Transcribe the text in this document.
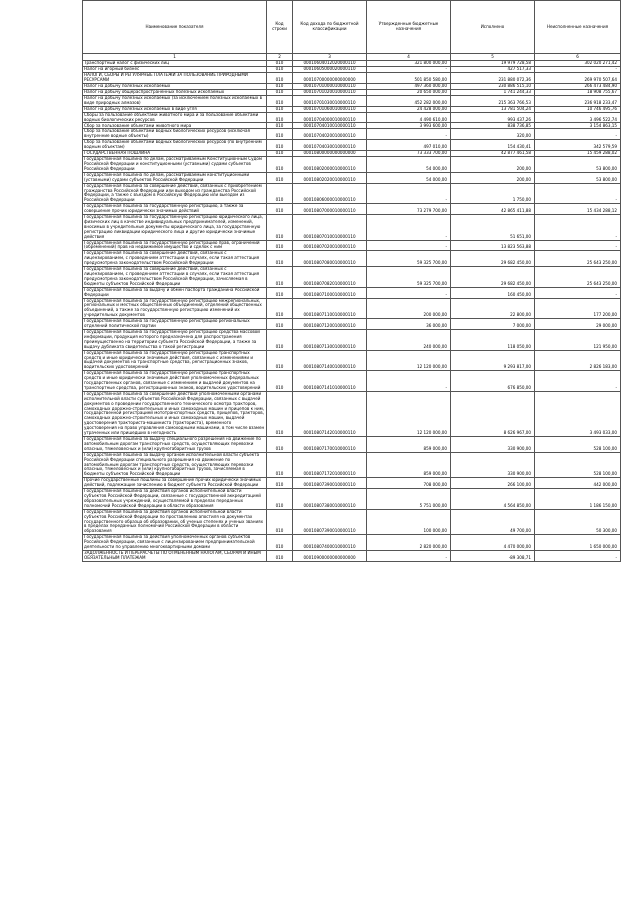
Наименование показателя	Код строки	Код дохода по бюджетной классификации	Утвержденные бюджетные назначения	Исполнено	Неисполненные назначения
1	2	3	4	5	6
Транспортный налог с физических лиц	010	00010604012020000110	321 800 000,00	19 979 728,58	302 020 271,42
Налог на игорный бизнес	010	00010605000020000110	-	427 517,33	-
НАЛОГИ, СБОРЫ И РЕГУЛЯРНЫЕ ПЛАТЕЖИ ЗА ПОЛЬЗОВАНИЕ ПРИРОДНЫМИ РЕСУРСАМИ	010	00010700000000000000	501 850 580,00	231 880 072,36	269 970 507,64
Налог на добычу полезных ископаемых	010	00010701000010000110	497 360 000,00	230 886 515,10	266 473 484,90
Налог на добычу общераспространенных полезных ископаемых	010	00010701020010000110	20 650 000,00	1 741 244,33	18 908 755,67
Налог на добычу полезных ископаемых (за исключением полезных ископаемых в виде природных алмазов)	010	00010701030010000110	452 282 000,00	215 363 766,53	236 918 233,47
Налог на добычу полезных ископаемых в виде угля	010	00010701060010000110	24 428 000,00	13 781 504,24	10 746 495,76
Сборы за пользование объектами животного мира и за пользование объектами водных биологических ресурсов	010	00010704000010000110	4 490 610,00	993 437,26	3 496 522,74
Сбор за пользование объектами животного мира	010	00010704010010000110	3 993 600,00	838 736,85	3 154 863,15
Сбор за пользование объектами водных биологических ресурсов (исключая внутренние водные объекты)	010	00010704020010000110	-	320,00	-
Сбор за пользование объектами водных биологических ресурсов (по внутренним водным объектам)	010	00010704030010000110	497 010,00	154 430,41	342 579,59
ГОСУДАРСТВЕННАЯ ПОШЛИНА	010	00010800000000000000	73 333 700,00	42 877 461,58	15 459 288,02
Государственная пошлина по делам, рассматриваемым Конституционным Судом Российской Федерации и конституционными (уставными) судами субъектов Российской Федерации	010	00010802000010000110	54 000,00	200,00	53 800,00
Государственная пошлина по делам, рассматриваемым конституционными (уставными) судами субъектов Российской Федерации	010	00010802020010000110	54 000,00	200,00	53 800,00
Государственная пошлина за совершение действий, связанных с приобретением гражданства Российской Федерации или выходом из гражданства Российской Федерации, а также с въездом в Российскую Федерацию или выездом из Российской Федерации	010	00010806000010000110	-	1 750,00	-
Государственная пошлина за государственную регистрацию, а также за совершение прочих юридически значимых действий	010	00010807000010000110	73 279 700,00	42 865 411,88	15 434 288,12
Государственная пошлина за государственную регистрацию юридического лица, физических лиц в качестве индивидуальных предпринимателей, изменений, вносимых в учредительные документы юридического лица, за государственную регистрацию ликвидации юридического лица и другие юридически значимые действия	010	00010807010010000110	-	51 651,00	-
Государственная пошлина за государственную регистрацию прав, ограничений (обременений) прав на недвижимое имущество и сделок с ним	010	00010807020010000110	-	13 823 563,88	-
Государственная пошлина за совершение действий, связанных с лицензированием, с проведением аттестации в случаях, если такая аттестация предусмотрена законодательством Российской Федерации	010	00010807080010000110	59 325 700,00	29 682 450,00	25 643 250,00
Государственная пошлина за совершение действий, связанных с лицензированием, с проведением аттестации в случаях, если такая аттестация предусмотрена законодательством Российской Федерации, зачисляемая в бюджеты субъектов Российской Федерации	010	00010807082010000110	59 325 700,00	29 682 450,00	25 643 250,00
Государственная пошлина за выдачу и обмен паспорта гражданина Российской Федерации	010	00010807100010000110	-	160 450,00	-
Государственная пошлина за государственную регистрацию межрегиональных, региональных и местных общественных объединений, отделений общественных объединений, а также за государственную регистрацию изменений их учредительных документов	010	00010807110010000110	200 000,00	22 800,00	177 200,00
Государственная пошлина за государственную регистрацию региональных отделений политической партии	010	00010807120010000110	36 000,00	7 000,00	29 000,00
Государственная пошлина за государственную регистрацию средства массовой информации, продукция которого предназначена для распространения преимущественно на территории субъекта Российской Федерации, а также за выдачу дубликата свидетельства о такой регистрации	010	00010807130010000110	240 000,00	118 050,00	121 950,00
Государственная пошлина за государственную регистрацию транспортных средств и иные юридически значимые действия, связанные с изменениями и выдачей документов на транспортные средства, регистрационных знаков, водительских удостоверений	010	00010807140010000110	12 120 000,00	9 293 817,00	2 826 183,00
Государственная пошлина за государственную регистрацию транспортных средств и иные юридически значимые действия уполномоченных федеральных государственных органов, связанные с изменением и выдачей документов на транспортные средства, регистрационных знаков, водительских удостоверений	010	00010807141010000110	-	676 850,00	-
Государственная пошлина за совершение действий уполномоченными органами исполнительной власти субъектов Российской Федерации, связанных с выдачей документов о проведении государственного технического осмотра тракторов, самоходных дорожно-строительных и иных самоходных машин и прицепов к ним, государственной регистрацией мототранспортных средств, прицепов, тракторов, самоходных дорожно-строительных и иных самоходных машин, выдачей удостоверения тракториста-машиниста (тракториста), временного удостоверения на право управления самоходными машинами, в том числе взамен утраченных или пришедших в негодность	010	00010807142010000110	12 120 000,00	8 626 967,00	3 493 033,00
Государственная пошлина за выдачу специального разрешения на движение по автомобильным дорогам транспортных средств, осуществляющих перевозки опасных, тяжеловесных и (или) крупногабаритных грузов	010	00010807170010000110	859 000,00	330 900,00	528 100,00
Государственная пошлина за выдачу органом исполнительной власти субъекта Российской Федерации специального разрешения на движение по автомобильным дорогам транспортных средств, осуществляющих перевозки опасных, тяжеловесных и (или) крупногабаритных грузов, зачисляемая в бюджеты субъектов Российской Федерации	010	00010807172010000110	859 000,00	330 900,00	528 100,00
Прочие государственные пошлины за совершение прочих юридически значимых действий, подлежащие зачислению в бюджет субъекта Российской Федерации	010	00010807390010000110	708 000,00	266 100,00	442 000,00
Государственная пошлина за действия органов исполнительной власти субъектов Российской Федерации, связанные с государственной аккредитацией образовательных учреждений, осуществляемой в пределах переданных полномочий Российской Федерации в области образования	010	00010807380010000110	5 751 000,00	4 564 850,00	1 186 150,00
Государственная пошлина за действия органов исполнительной власти субъектов Российской Федерации по проставлению апостиля на документах государственного образца об образовании, об ученых степенях и ученых званиях в пределах переданных полномочий Российской Федерации в области образования	010	00010807390010000110	100 000,00	49 700,00	50 300,00
Государственная пошлина за действия уполномоченных органов субъектов Российской Федерации, связанные с лицензированием предпринимательской деятельности по управлению многоквартирными домами	010	00010807400010000110	2 820 000,00	4 470 000,00	1 650 000,00
ЗАДОЛЖЕННОСТЬ И ПЕРЕРАСЧЕТЫ ПО ОТМЕНЕННЫМ НАЛОГАМ, СБОРАМ И ИНЫМ ОБЯЗАТЕЛЬНЫМ ПЛАТЕЖАМ	010	00010900000000000000	-	-89 308,71	-
